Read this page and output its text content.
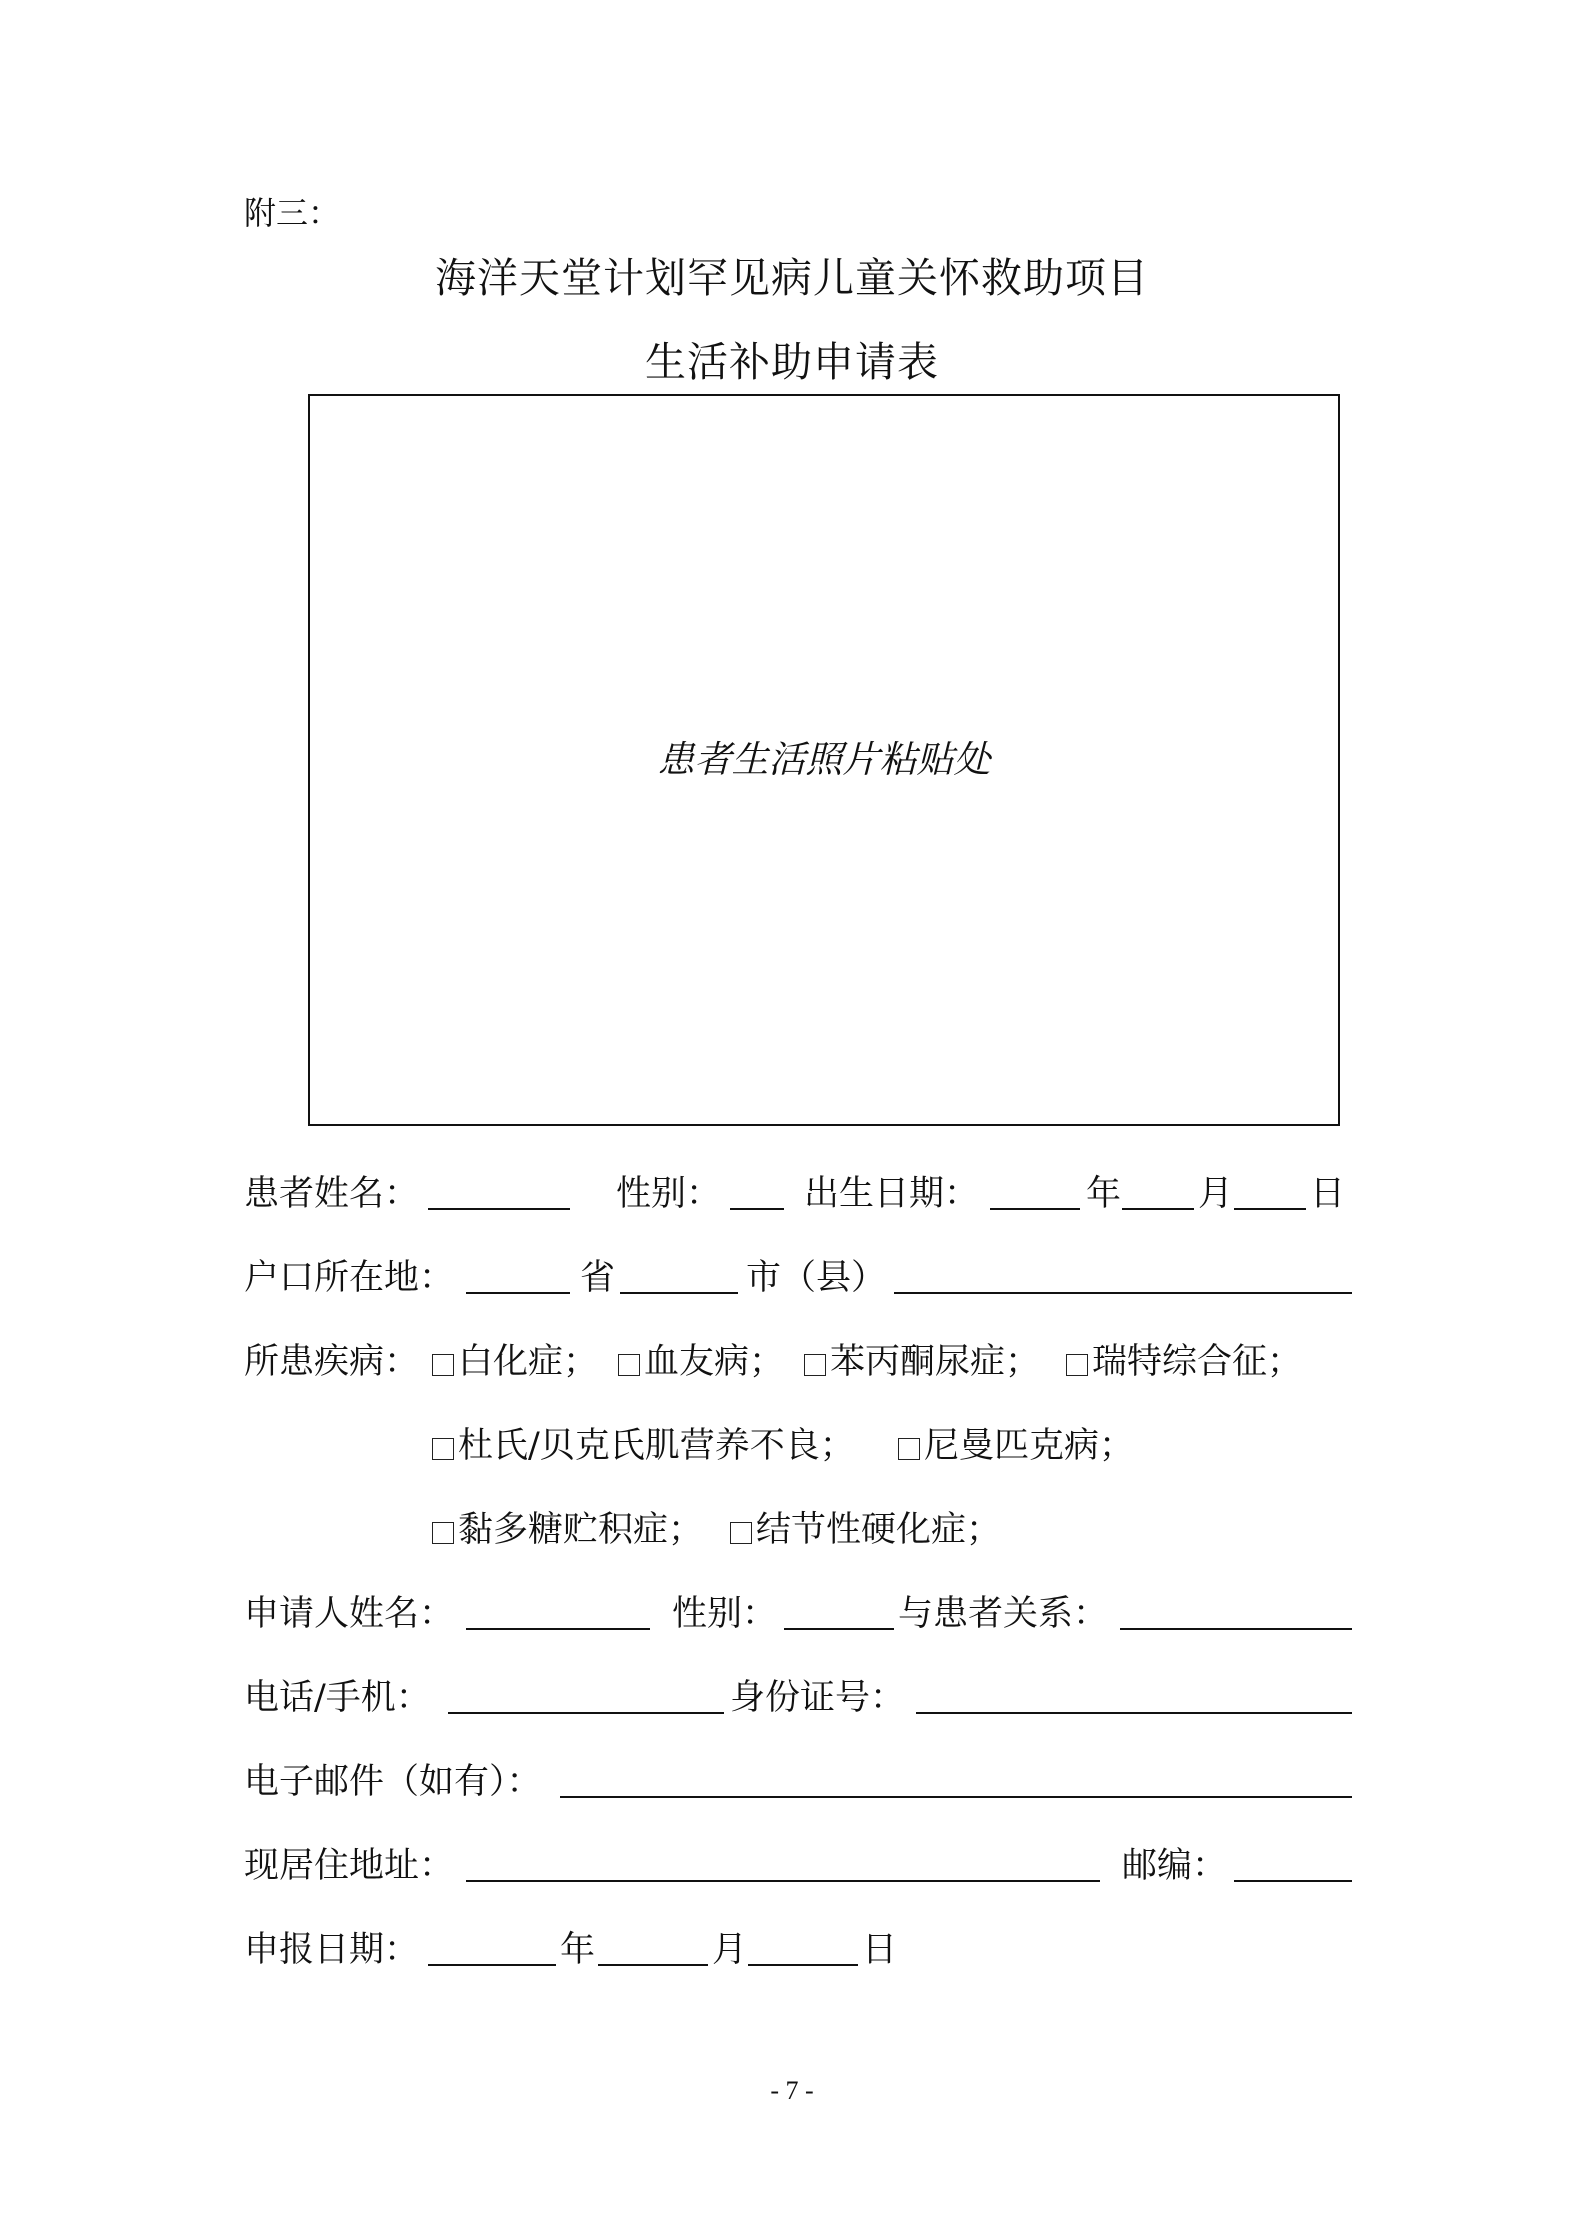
附三：
海洋天堂计划罕见病儿童关怀救助项目
生活补助申请表
患者生活照片粘贴处
患者姓名：	性别： 出生日期：	年 月 日
户口所在地：	省	市（县）
所患疾病：	白化症；	血友病；	苯丙酮尿症；	瑞特综合征；
杜氏/贝克氏肌营养不良；	尼曼匹克病；
黏多糖贮积症；	结节性硬化症；
申请人姓名：	性别：	与患者关系：
电话/手机：	身份证号：
电子邮件（如有）：
现居住地址：	邮编：
申报日期：	年	月	日
- 7 -
